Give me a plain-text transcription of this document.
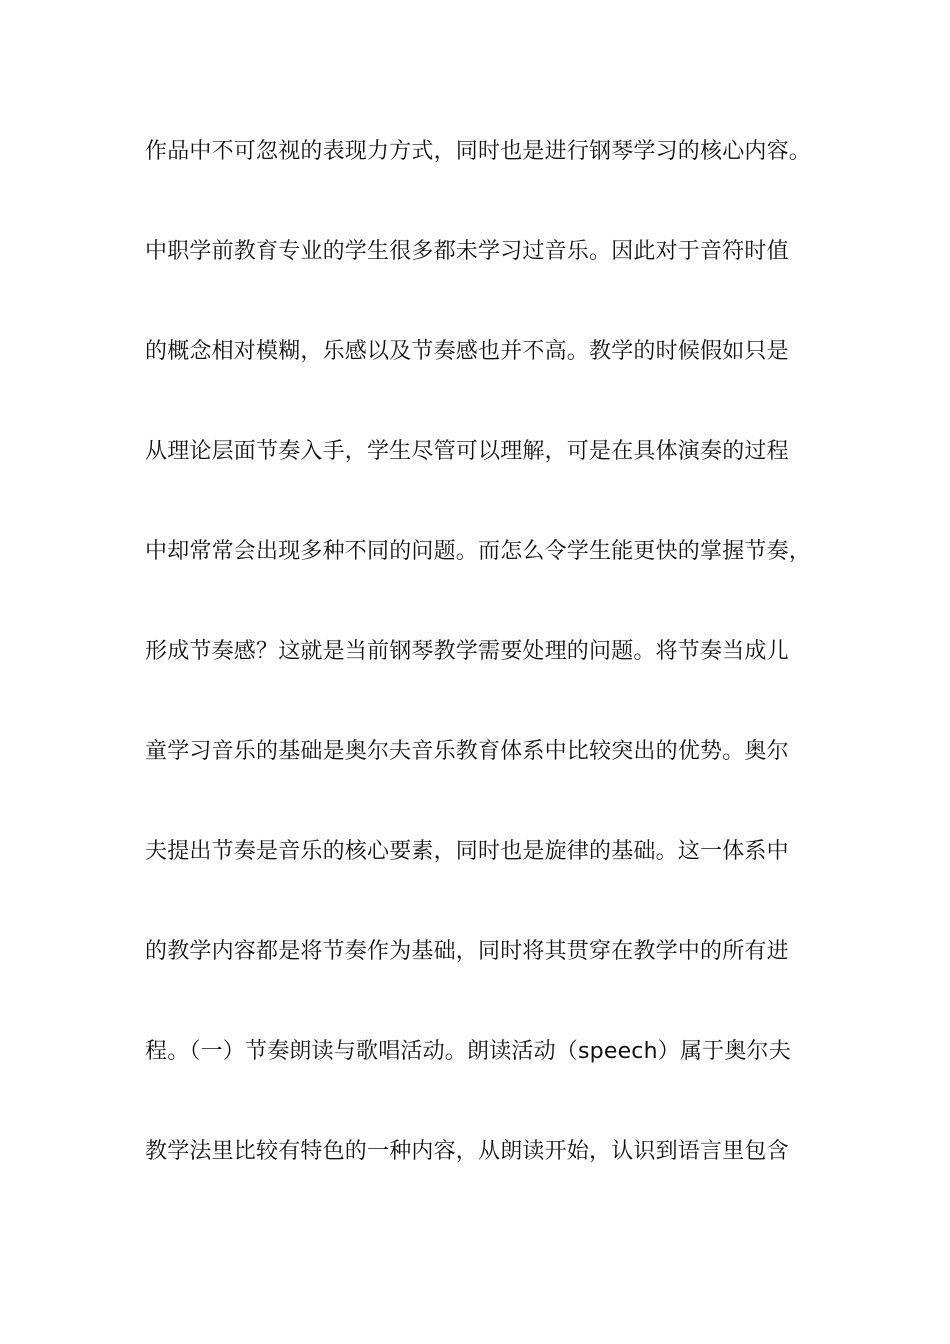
作品中不可忽视的表现力方式，同时也是进行钢琴学习的核心内容。
中职学前教育专业的学生很多都未学习过音乐。因此对于音符时值
的概念相对模糊，乐感以及节奏感也并不高。教学的时候假如只是
从理论层面节奏入手，学生尽管可以理解，可是在具体演奏的过程
中却常常会出现多种不同的问题。而怎么令学生能更快的掌握节奏，
形成节奏感？这就是当前钢琴教学需要处理的问题。将节奏当成儿
童学习音乐的基础是奥尔夫音乐教育体系中比较突出的优势。奥尔
夫提出节奏是音乐的核心要素，同时也是旋律的基础。这一体系中
的教学内容都是将节奏作为基础，同时将其贯穿在教学中的所有进
程。（一）节奏朗读与歌唱活动。朗读活动（speech）属于奥尔夫
教学法里比较有特色的一种内容，从朗读开始，认识到语言里包含
